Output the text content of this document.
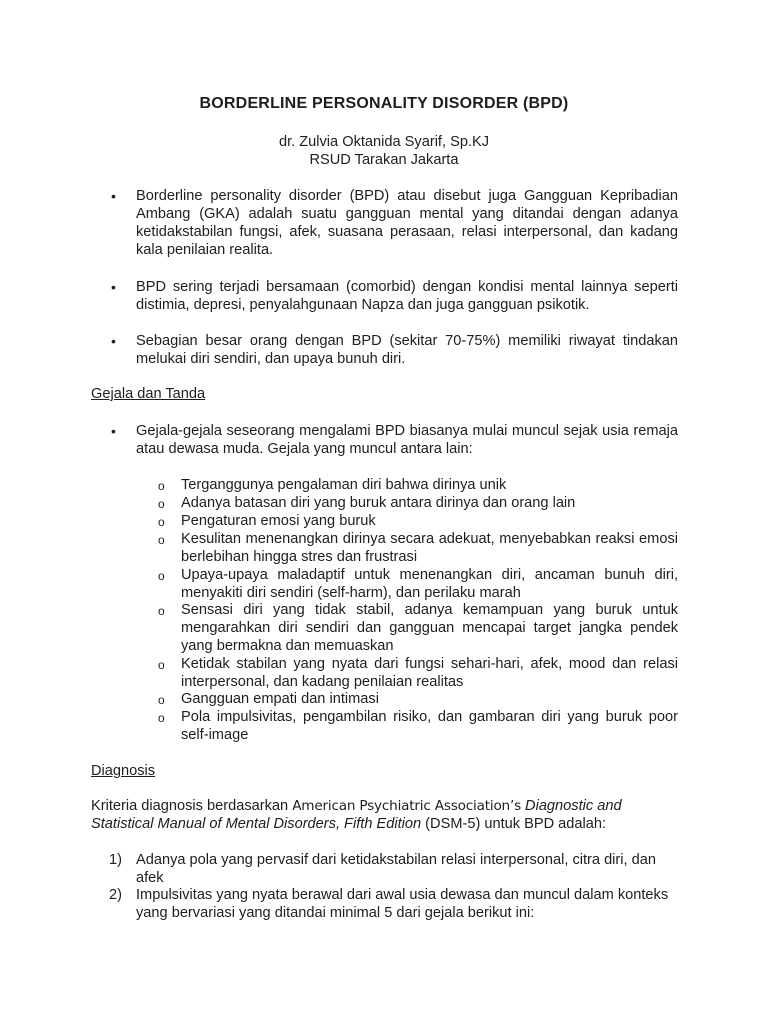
BORDERLINE PERSONALITY DISORDER (BPD)
dr. Zulvia Oktanida Syarif, Sp.KJ
RSUD Tarakan Jakarta
• Borderline personality disorder (BPD) atau disebut juga Gangguan Kepribadian Ambang (GKA) adalah suatu gangguan mental yang ditandai dengan adanya ketidakstabilan fungsi, afek, suasana perasaan, relasi interpersonal, dan kadang kala penilaian realita.
• BPD sering terjadi bersamaan (comorbid) dengan kondisi mental lainnya seperti distimia, depresi, penyalahgunaan Napza dan juga gangguan psikotik.
• Sebagian besar orang dengan BPD (sekitar 70-75%) memiliki riwayat tindakan melukai diri sendiri, dan upaya bunuh diri.
Gejala dan Tanda
• Gejala-gejala seseorang mengalami BPD biasanya mulai muncul sejak usia remaja atau dewasa muda. Gejala yang muncul antara lain:
o Terganggunya pengalaman diri bahwa dirinya unik
o Adanya batasan diri yang buruk antara dirinya dan orang lain
o Pengaturan emosi yang buruk
o Kesulitan menenangkan dirinya secara adekuat, menyebabkan reaksi emosi berlebihan hingga stres dan frustrasi
o Upaya-upaya maladaptif untuk menenangkan diri, ancaman bunuh diri, menyakiti diri sendiri (self-harm), dan perilaku marah
o Sensasi diri yang tidak stabil, adanya kemampuan yang buruk untuk mengarahkan diri sendiri dan gangguan mencapai target jangka pendek yang bermakna dan memuaskan
o Ketidak stabilan yang nyata dari fungsi sehari-hari, afek, mood dan relasi interpersonal, dan kadang penilaian realitas
o Gangguan empati dan intimasi
o Pola impulsivitas, pengambilan risiko, dan gambaran diri yang buruk poor self-image
Diagnosis
Kriteria diagnosis berdasarkan American Psychiatric Association’s Diagnostic and Statistical Manual of Mental Disorders, Fifth Edition (DSM-5) untuk BPD adalah:
1) Adanya pola yang pervasif dari ketidakstabilan relasi interpersonal, citra diri, dan afek
2) Impulsivitas yang nyata berawal dari awal usia dewasa dan muncul dalam konteks yang bervariasi yang ditandai minimal 5 dari gejala berikut ini:
